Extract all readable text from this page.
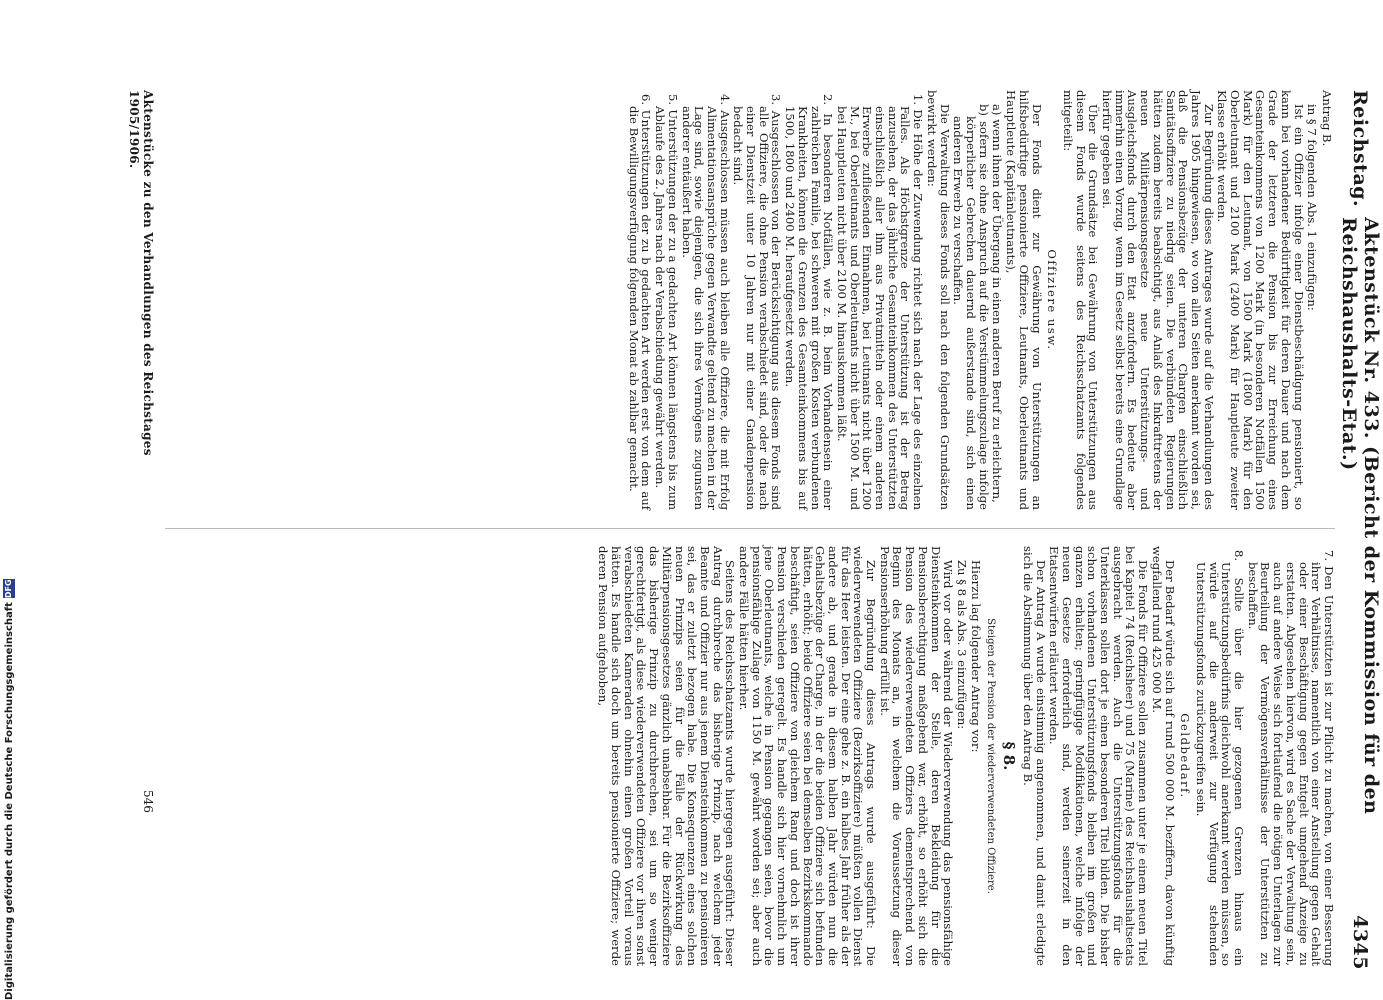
Reichstag.
Aktenstück Nr. 433. (Bericht der Kommission für den Reichshaushalts-Etat.)
4345

Antrag B.

in § 7 folgenden Abs. 1 einzufügen:

Ist ein Offizier infolge einer Dienstbeschädigung pensioniert, so kann bei vorhandener Bedürftigkeit für deren Dauer und nach dem Grade der letzteren die Pension bis zur Erreichung eines Gesamteinkommens von 1200 Mark (in besonderen Notfällen 1500 Mark) für den Leutnant, von 1500 Mark (1800 Mark) für den Oberleutnant und 2100 Mark (2400 Mark) für Hauptleute zweiter Klasse erhöht werden.

Zur Begründung dieses Antrages wurde auf die Verhandlungen des Jahres 1905 hingewiesen, wo von allen Seiten anerkannt worden sei, daß die Pensionsbezüge der unteren Chargen einschließlich Sanitätsoffiziere zu niedrig seien. Die verbündeten Regierungen hätten zudem bereits beabsichtigt, aus Anlaß des Inkrafttretens der neuen Militärpensionsgesetze neue Unterstützungs- und Ausgleichsfonds durch den Etat anzufordern. Es bedeute aber immerhin einen Vorzug, wenn im Gesetz selbst bereits eine Grundlage hierfür gegeben sei.

Über die Grundsätze bei Gewährung von Unterstützungen aus diesem Fonds wurde seitens des Reichsschatzamts folgendes mitgeteilt:

Offiziere usw.

Der Fonds dient zur Gewährung von Unterstützungen an hilfsbedürftige pensionierte Offiziere, Leutnants, Oberleutnants und Hauptleute (Kapitänleutnants),

a) wenn ihnen der Übergang in einen anderen Beruf zu erleichtern,

b) sofern sie ohne Anspruch auf die Verstümmelungszulage infolge körperlicher Gebrechen dauernd außerstande sind, sich einen anderen Erwerb zu verschaffen.

Die Verwaltung dieses Fonds soll nach den folgenden Grundsätzen bewirkt werden:

1. Die Höhe der Zuwendung richtet sich nach der Lage des einzelnen Falles. Als Höchstgrenze der Unterstützung ist der Betrag anzusehen, der das jährliche Gesamteinkommen des Unterstützten einschließlich aller ihm aus Privatmitteln oder einem anderen Erwerbe zufließenden Einnahmen, bei Leutnants nicht über 1200 M., bei Oberleutnants und Oberleutnants nicht über 1500 M. und bei Hauptleuten nicht über 2100 M. hinauskommen läßt.

2. In besonderen Notfällen, wie z. B. beim Vorhandensein einer zahlreichen Familie, bei schweren mit großen Kosten verbundenen Krankheiten, können die Grenzen des Gesamteinkommens bis auf 1500, 1800 und 2400 M. heraufgesetzt werden.

3. Ausgeschlossen von der Berücksichtigung aus diesem Fonds sind alle Offiziere, die ohne Pension verabschiedet sind, oder die nach einer Dienstzeit unter 10 Jahren nur mit einer Gnadenpension bedacht sind.

4. Ausgeschlossen müssen auch bleiben alle Offiziere, die mit Erfolg Alimentationsansprüche gegen Verwandte geltend zu machen in der Lage sind, sowie diejenigen, die sich ihres Vermögens zugunsten anderer entäußert haben.

5. Unterstützungen der zu a gedachten Art können längstens bis zum Ablaufe des 2. Jahres nach der Verabschiedung gewährt werden.

6. Unterstützungen der zu b gedachten Art werden erst von dem auf die Bewilligungsverfügung folgenden Monat ab zahlbar gemacht.

7. Den Unterstützten ist zur Pflicht zu machen, von einer Besserung ihrer Verhältnisse, namentlich von einer Anstellung gegen Gehalt oder einer Beschäftigung gegen Entgelt umgehend Anzeige zu erstatten. Abgesehen hiervon, wird es Sache der Verwaltung sein, auch auf andere Weise sich fortlaufend die nötigen Unterlagen zur Beurteilung der Vermögensverhältnisse der Unterstützten zu beschaffen.

8. Sollte über die hier gezogenen Grenzen hinaus ein Unterstützungsbedürfnis gleichwohl anerkannt werden müssen, so würde auf die anderweit zur Verfügung stehenden Unterstützungsfonds zurückzugreifen sein.

Geldbedarf.

Der Bedarf würde sich auf rund 500 000 M. beziffern, davon künftig wegfallend rund 425 000 M.

Die Fonds für Offiziere sollen zusammen unter je einem neuen Titel bei Kapitel 74 (Reichsheer) und 75 (Marine) des Reichshaushaltsetats ausgebracht werden. Auch die Unterstützungsfonds für die Unterklassen sollen dort je einen besonderen Titel bilden. Die bisher schon vorhandenen Unterstützungsfonds bleiben im großen und ganzen erhalten; geringfügige Modifikationen, welche infolge der neuen Gesetze erforderlich sind, werden seinerzeit in den Etatsentwürfen erläutert werden.

Der Antrag A wurde einstimmig angenommen, und damit erledigte sich die Abstimmung über den Antrag B.

§ 8.

Steigen der Pension der wiederverwendeten Offiziere.

Hierzu lag folgender Antrag vor:

Zu § 8 als Abs. 3 einzufügen:

Wird vor oder während der Wiederverwendung das pensionsfähige Diensteinkommen der Stelle, deren Bekleidung für die Pensionsberechtigung maßgebend war, erhöht, so erhöht sich die Pension des wiederverwendeten Offiziers dementsprechend von Beginn des Monats an, in welchem die Voraussetzung dieser Pensionserhöhung erfüllt ist.

Zur Begründung dieses Antrags wurde ausgeführt: Die wiederverwendeten Offiziere (Bezirksoffiziere) müßten vollen Dienst für das Heer leisten. Der eine gehe z. B. ein halbes Jahr früher als der andere ab, und gerade in diesem halben Jahr würden nun die Gehaltsbezüge der Charge, in der die beiden Offiziere sich befunden hätten, erhöht; beide Offiziere seien bei demselben Bezirkskommando beschäftigt, seien Offiziere von gleichem Rang und doch ist ihrer Pension verschieden geregelt. Es handle sich hier vornehmlich um jene Oberleutnants, welche in Pension gegangen seien, bevor die pensionsfähige Zulage von 1150 M. gewährt worden sei; aber auch andere Fälle hätten hierher.

Seitens des Reichsschatzamts wurde hiergegen ausgeführt: Dieser Antrag durchbreche das bisherige Prinzip, nach welchem jeder Beamte und Offizier nur aus jenem Diensteinkommen zu pensionieren sei, das er zuletzt bezogen habe. Die Konsequenzen eines solchen neuen Prinzips seien für die Fälle der Rückwirkung des Militärpensionsgesetzes gänzlich unabsehbar. Für die Bezirksoffiziere das bisherige Prinzip zu durchbrechen, sei um so weniger gerechtfertigt, als diese wiederverwendeten Offiziere vor ihren sonst verabschiedeten Kameraden ohnehin einen großen Vorteil voraus hätten. Es handle sich doch um bereits pensionierte Offiziere; werde deren Pension aufgehoben,

Aktenstücke zu den Verhandlungen des Reichstages 1905/1906.
546
Digitalisierung gefördert durch die Deutsche Forschungsgemeinschaft
DFG
